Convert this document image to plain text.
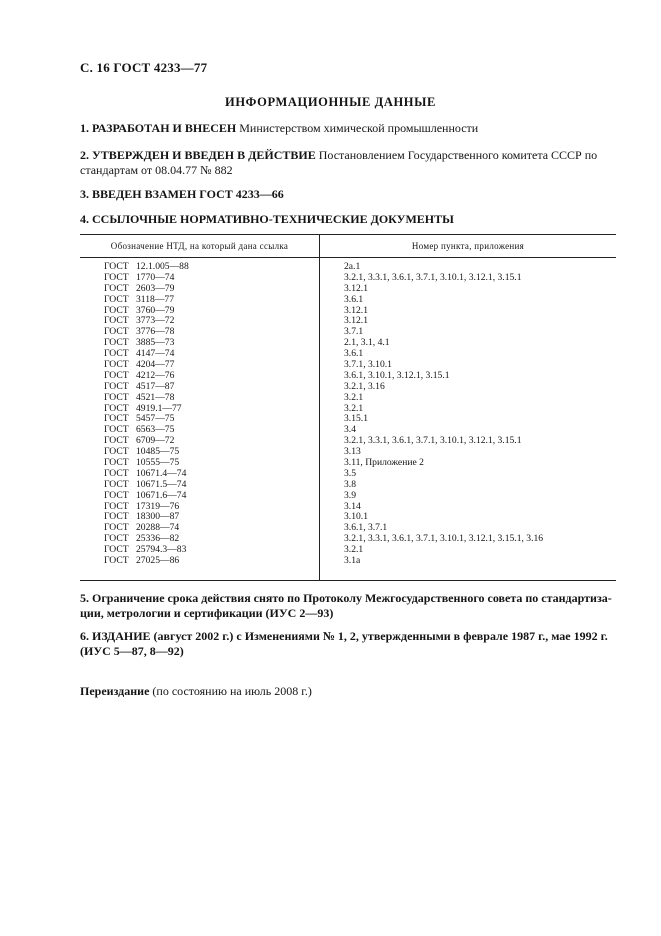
С. 16 ГОСТ 4233—77
ИНФОРМАЦИОННЫЕ ДАННЫЕ
1. РАЗРАБОТАН И ВНЕСЕН Министерством химической промышленности
2. УТВЕРЖДЕН И ВВЕДЕН В ДЕЙСТВИЕ Постановлением Государственного комитета СССР по стандартам от 08.04.77 № 882
3. ВВЕДЕН ВЗАМЕН ГОСТ 4233—66
4. ССЫЛОЧНЫЕ НОРМАТИВНО-ТЕХНИЧЕСКИЕ ДОКУМЕНТЫ
Обозначение НТД, на который дана ссылка	Номер пункта, приложения
ГОСТ 12.1.005—88	2а.1
ГОСТ 1770—74	3.2.1, 3.3.1, 3.6.1, 3.7.1, 3.10.1, 3.12.1, 3.15.1
ГОСТ 2603—79	3.12.1
ГОСТ 3118—77	3.6.1
ГОСТ 3760—79	3.12.1
ГОСТ 3773—72	3.12.1
ГОСТ 3776—78	3.7.1
ГОСТ 3885—73	2.1, 3.1, 4.1
ГОСТ 4147—74	3.6.1
ГОСТ 4204—77	3.7.1, 3.10.1
ГОСТ 4212—76	3.6.1, 3.10.1, 3.12.1, 3.15.1
ГОСТ 4517—87	3.2.1, 3.16
ГОСТ 4521—78	3.2.1
ГОСТ 4919.1—77	3.2.1
ГОСТ 5457—75	3.15.1
ГОСТ 6563—75	3.4
ГОСТ 6709—72	3.2.1, 3.3.1, 3.6.1, 3.7.1, 3.10.1, 3.12.1, 3.15.1
ГОСТ 10485—75	3.13
ГОСТ 10555—75	3.11, Приложение 2
ГОСТ 10671.4—74	3.5
ГОСТ 10671.5—74	3.8
ГОСТ 10671.6—74	3.9
ГОСТ 17319—76	3.14
ГОСТ 18300—87	3.10.1
ГОСТ 20288—74	3.6.1, 3.7.1
ГОСТ 25336—82	3.2.1, 3.3.1, 3.6.1, 3.7.1, 3.10.1, 3.12.1, 3.15.1, 3.16
ГОСТ 25794.3—83	3.2.1
ГОСТ 27025—86	3.1а
5. Ограничение срока действия снято по Протоколу Межгосударственного совета по стандартиза-ции, метрологии и сертификации (ИУС 2—93)
6. ИЗДАНИЕ (август 2002 г.) с Изменениями № 1, 2, утвержденными в феврале 1987 г., мае 1992 г. (ИУС 5—87, 8—92)
Переиздание (по состоянию на июль 2008 г.)
